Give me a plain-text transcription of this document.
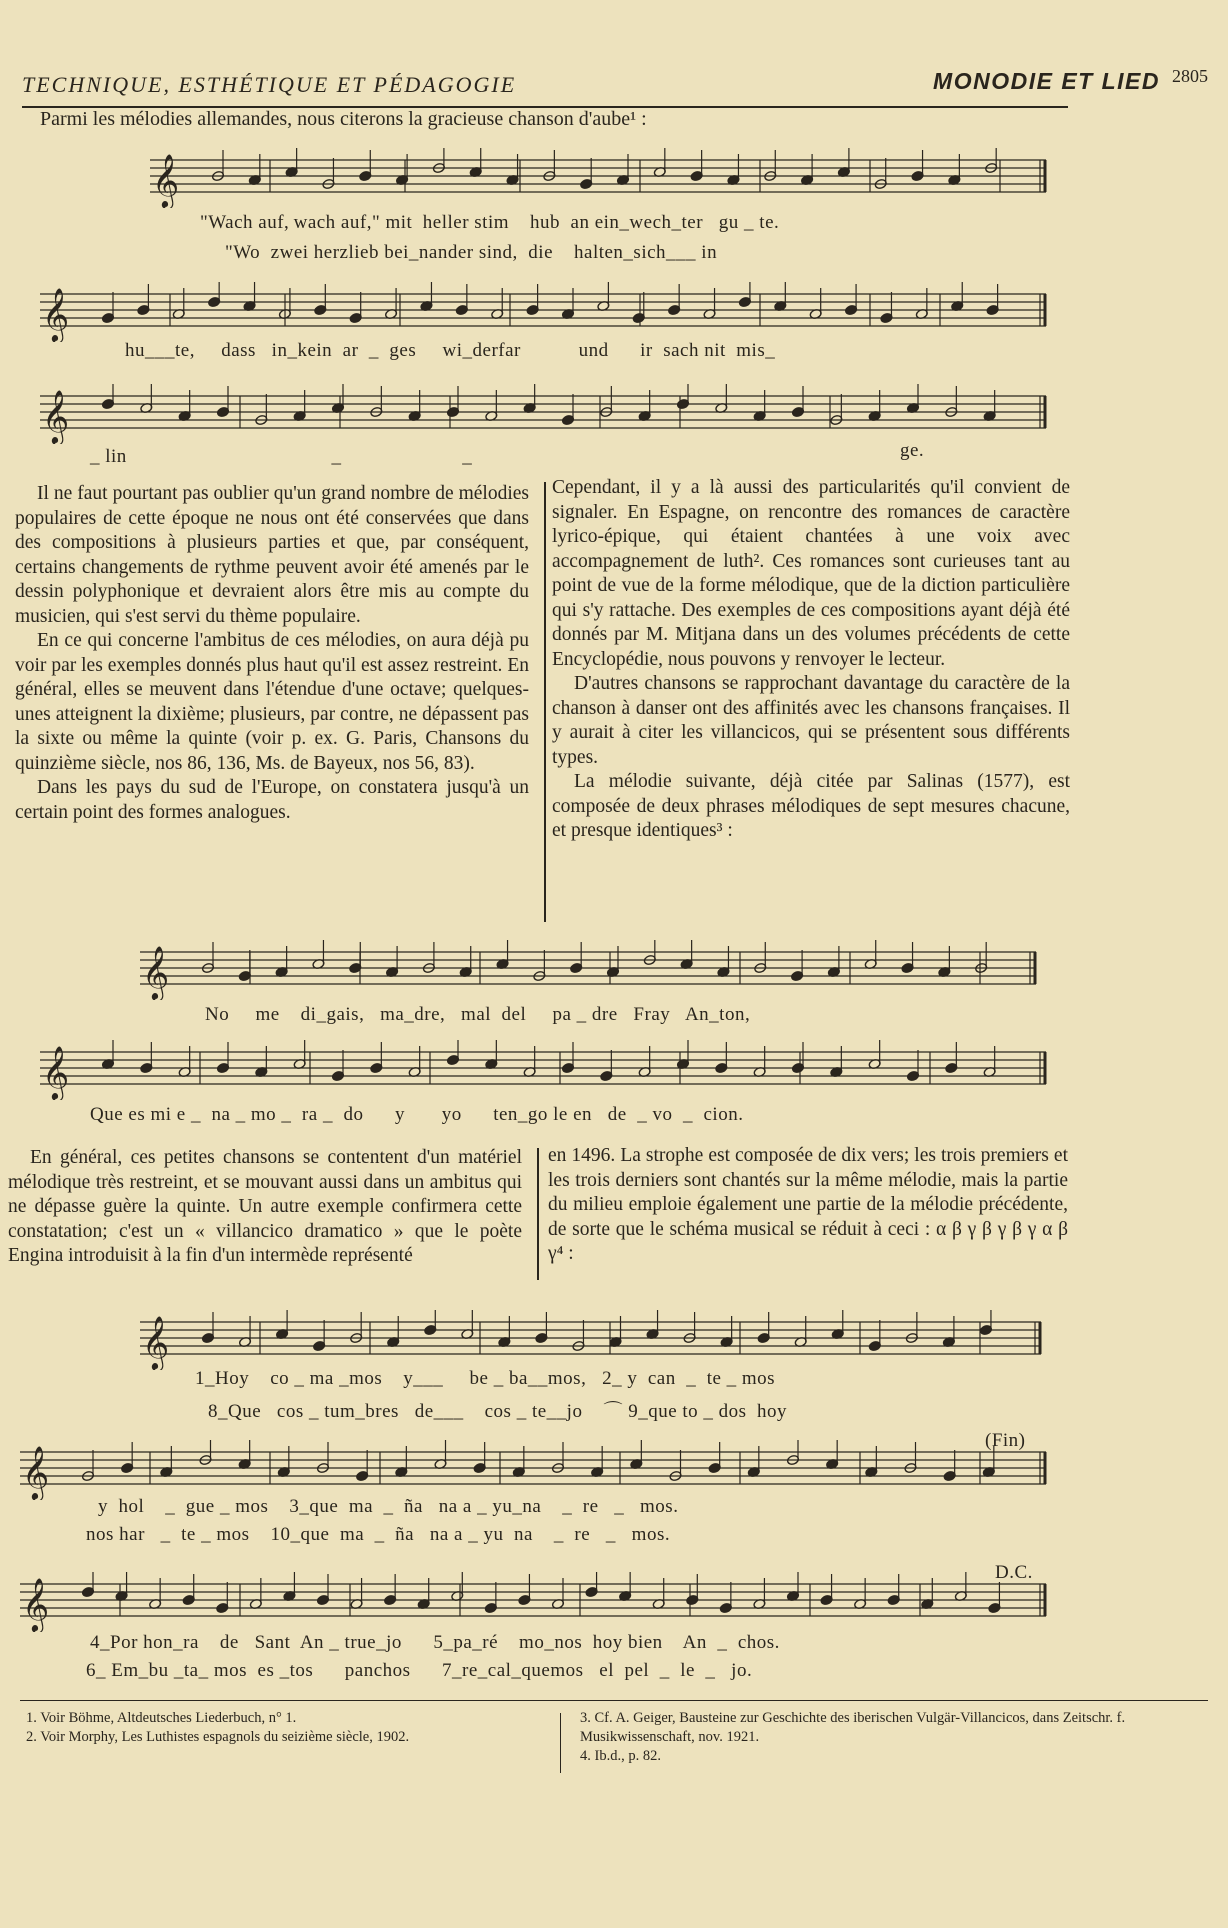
TECHNIQUE, ESTHÉTIQUE ET PÉDAGOGIE	MONODIE ET LIED 2805
Parmi les mélodies allemandes, nous citerons la gracieuse chanson d'aube¹ :
𝄞
"Wach auf, wach auf," mit  heller stim    hub  an ein_wech_ter   gu _ te.
"Wo  zwei herzlieb bei_nander sind,  die    halten_sich___ in
𝄞
hu___te,     dass   in_kein  ar  _  ges     wi_derfar           und      ir  sach nit  mis_
𝄞
_ lin                                       _                       _	ge.

Il ne faut pourtant pas oublier qu'un grand nombre de mélodies populaires de cette époque ne nous ont été conservées que dans des compositions à plusieurs parties et que, par conséquent, certains changements de rythme peuvent avoir été amenés par le dessin polyphonique et devraient alors être mis au compte du musicien, qui s'est servi du thème populaire.

En ce qui concerne l'ambitus de ces mélodies, on aura déjà pu voir par les exemples donnés plus haut qu'il est assez restreint. En général, elles se meuvent dans l'étendue d'une octave; quelques-unes atteignent la dixième; plusieurs, par contre, ne dépassent pas la sixte ou même la quinte (voir p. ex. G. Paris, Chansons du quinzième siècle, nos 86, 136, Ms. de Bayeux, nos 56, 83).

Dans les pays du sud de l'Europe, on constatera jusqu'à un certain point des formes analogues.

Cependant, il y a là aussi des particularités qu'il convient de signaler. En Espagne, on rencontre des romances de caractère lyrico-épique, qui étaient chantées à une voix avec accompagnement de luth². Ces romances sont curieuses tant au point de vue de la forme mélodique, que de la diction particulière qui s'y rattache. Des exemples de ces compositions ayant déjà été donnés par M. Mitjana dans un des volumes précédents de cette Encyclopédie, nous pouvons y renvoyer le lecteur.

D'autres chansons se rapprochant davantage du caractère de la chanson à danser ont des affinités avec les chansons françaises. Il y aurait à citer les villancicos, qui se présentent sous différents types.

La mélodie suivante, déjà citée par Salinas (1577), est composée de deux phrases mélodiques de sept mesures chacune, et presque identiques³ :

𝄞
No     me    di_gais,   ma_dre,   mal  del     pa _ dre   Fray   An_ton,
𝄞
Que es mi e _  na _ mo _  ra _  do      y       yo      ten_go le en   de  _ vo  _  cion.

En général, ces petites chansons se contentent d'un matériel mélodique très restreint, et se mouvant aussi dans un ambitus qui ne dépasse guère la quinte. Un autre exemple confirmera cette constatation; c'est un « villancico dramatico » que le poète Engina introduisit à la fin d'un intermède représenté

en 1496. La strophe est composée de dix vers; les trois premiers et les trois derniers sont chantés sur la même mélodie, mais la partie du milieu emploie également une partie de la mélodie précédente, de sorte que le schéma musical se réduit à ceci : α β γ β γ β γ α β γ⁴ :

𝄞
1_Hoy    co _ ma _mos    y___     be _ ba__mos,   2_ y  can  _  te _ mos
8_Que   cos _ tum_bres   de___    cos _ te__jo    ⌒ 9_que to _ dos  hoy
(Fin)
𝄞
y  hol    _  gue _ mos    3_que  ma  _  ña   na a _ yu_na    _  re   _   mos.
nos har   _  te _ mos    10_que  ma  _  ña   na a _ yu  na    _  re   _   mos.
D.C.
𝄞
4_Por hon_ra    de   Sant  An _ true_jo      5_pa_ré    mo_nos  hoy bien    An  _  chos.
6_ Em_bu _ta_ mos  es _tos      panchos      7_re_cal_quemos   el  pel  _  le  _   jo.
1. Voir Böhme, Altdeutsches Liederbuch, n° 1.
2. Voir Morphy, Les Luthistes espagnols du seizième siècle, 1902.
3. Cf. A. Geiger, Bausteine zur Geschichte des iberischen Vulgär-Villancicos, dans Zeitschr. f. Musikwissenschaft, nov. 1921.
4. Ib.d., p. 82.
